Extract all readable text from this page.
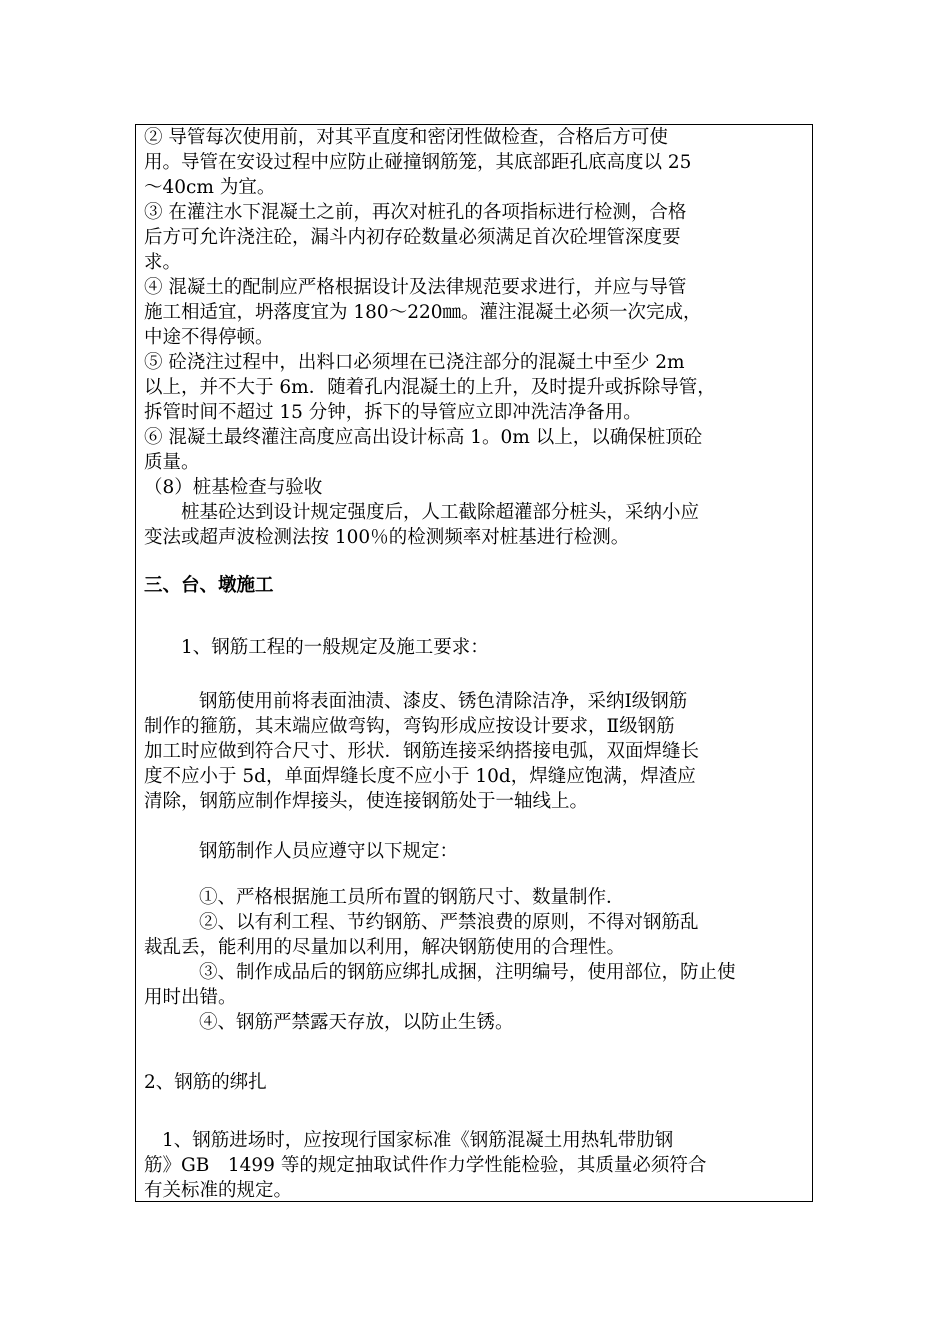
② 导管每次使用前，对其平直度和密闭性做检查，合格后方可使
用。导管在安设过程中应防止碰撞钢筋笼，其底部距孔底高度以 25
～40cm 为宜。
③ 在灌注水下混凝土之前，再次对桩孔的各项指标进行检测，合格
后方可允许浇注砼，漏斗内初存砼数量必须满足首次砼埋管深度要
求。
④ 混凝土的配制应严格根据设计及法律规范要求进行，并应与导管
施工相适宜，坍落度宜为 180～220㎜。灌注混凝土必须一次完成，
中途不得停顿。
⑤ 砼浇注过程中，出料口必须埋在已浇注部分的混凝土中至少 2m
以上，并不大于 6m．随着孔内混凝土的上升，及时提升或拆除导管，
拆管时间不超过 15 分钟，拆下的导管应立即冲洗洁净备用。
⑥ 混凝土最终灌注高度应高出设计标高 1。0m 以上，以确保桩顶砼
质量。
（8）桩基检查与验收
桩基砼达到设计规定强度后，人工截除超灌部分桩头，采纳小应
变法或超声波检测法按 100％的检测频率对桩基进行检测。
三、台、墩施工
1、钢筋工程的一般规定及施工要求：
钢筋使用前将表面油渍、漆皮、锈色清除洁净，采纳Ⅰ级钢筋
制作的箍筋，其末端应做弯钩，弯钩形成应按设计要求，Ⅱ级钢筋
加工时应做到符合尺寸、形状．钢筋连接采纳搭接电弧，双面焊缝长
度不应小于 5d，单面焊缝长度不应小于 10d，焊缝应饱满，焊渣应
清除，钢筋应制作焊接头，使连接钢筋处于一轴线上。
钢筋制作人员应遵守以下规定：
①、严格根据施工员所布置的钢筋尺寸、数量制作．
②、以有利工程、节约钢筋、严禁浪费的原则，不得对钢筋乱
裁乱丢，能利用的尽量加以利用，解决钢筋使用的合理性。
③、制作成品后的钢筋应绑扎成捆，注明编号，使用部位，防止使
用时出错。
④、钢筋严禁露天存放，以防止生锈。
2、钢筋的绑扎
1、钢筋进场时，应按现行国家标准《钢筋混凝土用热轧带肋钢
筋》GB　1499 等的规定抽取试件作力学性能检验，其质量必须符合
有关标准的规定。
